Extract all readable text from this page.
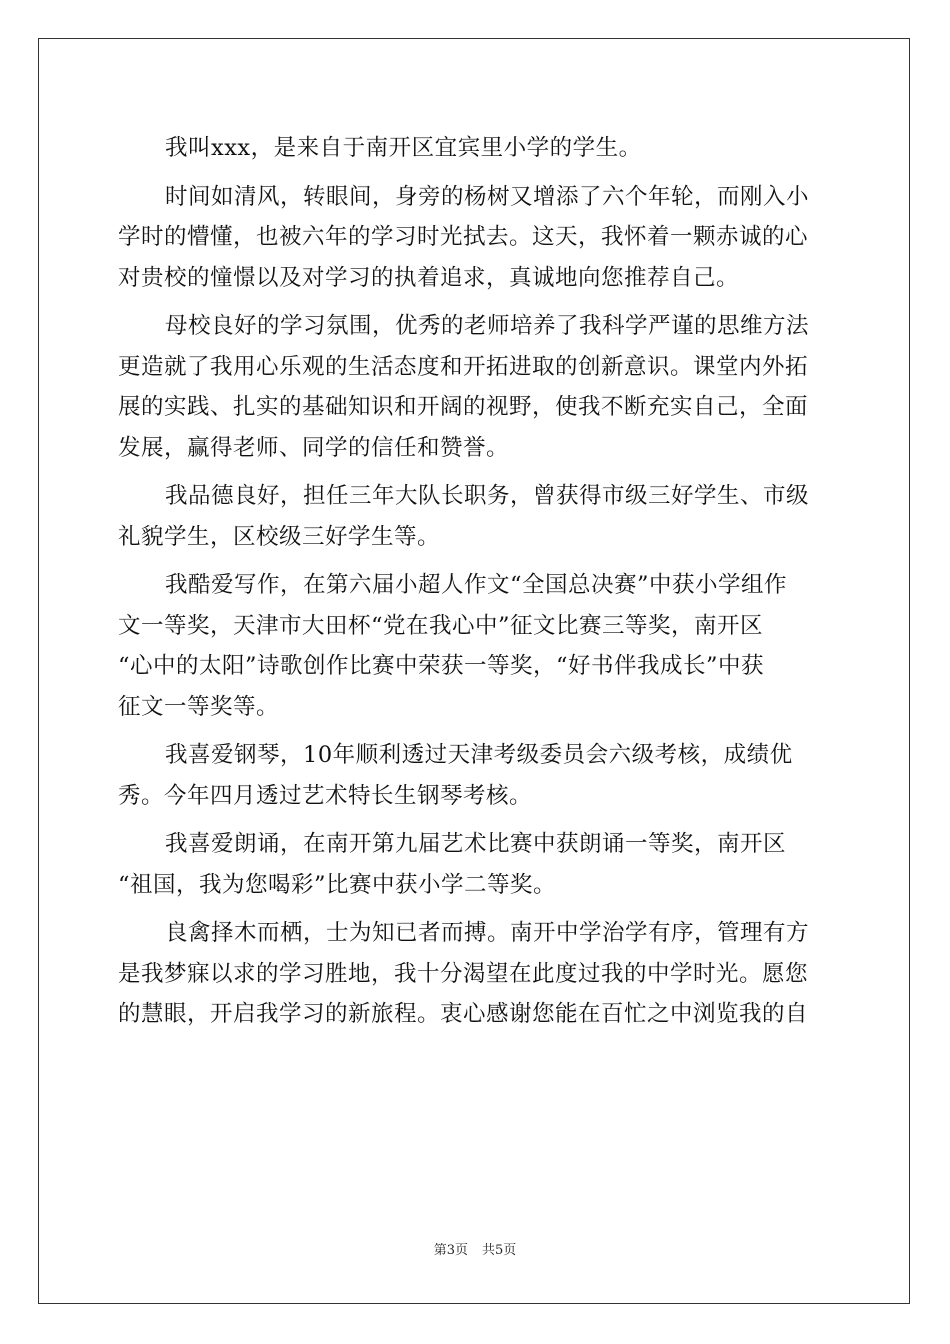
我叫xxx，是来自于南开区宜宾里小学的学生。

时间如清风，转眼间，身旁的杨树又增添了六个年轮，而刚入小
学时的懵懂，也被六年的学习时光拭去。这天，我怀着一颗赤诚的心
对贵校的憧憬以及对学习的执着追求，真诚地向您推荐自己。

母校良好的学习氛围，优秀的老师培养了我科学严谨的思维方法
更造就了我用心乐观的生活态度和开拓进取的创新意识。课堂内外拓
展的实践、扎实的基础知识和开阔的视野，使我不断充实自己，全面
发展，赢得老师、同学的信任和赞誉。

我品德良好，担任三年大队长职务，曾获得市级三好学生、市级
礼貌学生，区校级三好学生等。

我酷爱写作，在第六届小超人作文“全国总决赛”中获小学组作
文一等奖，天津市大田杯“党在我心中”征文比赛三等奖，南开区
“心中的太阳”诗歌创作比赛中荣获一等奖，“好书伴我成长”中获
征文一等奖等。

我喜爱钢琴，10年顺利透过天津考级委员会六级考核，成绩优
秀。今年四月透过艺术特长生钢琴考核。

我喜爱朗诵，在南开第九届艺术比赛中获朗诵一等奖，南开区
“祖国，我为您喝彩”比赛中获小学二等奖。

良禽择木而栖，士为知已者而搏。南开中学治学有序，管理有方
是我梦寐以求的学习胜地，我十分渴望在此度过我的中学时光。愿您
的慧眼，开启我学习的新旅程。衷心感谢您能在百忙之中浏览我的自

第3页 共5页
